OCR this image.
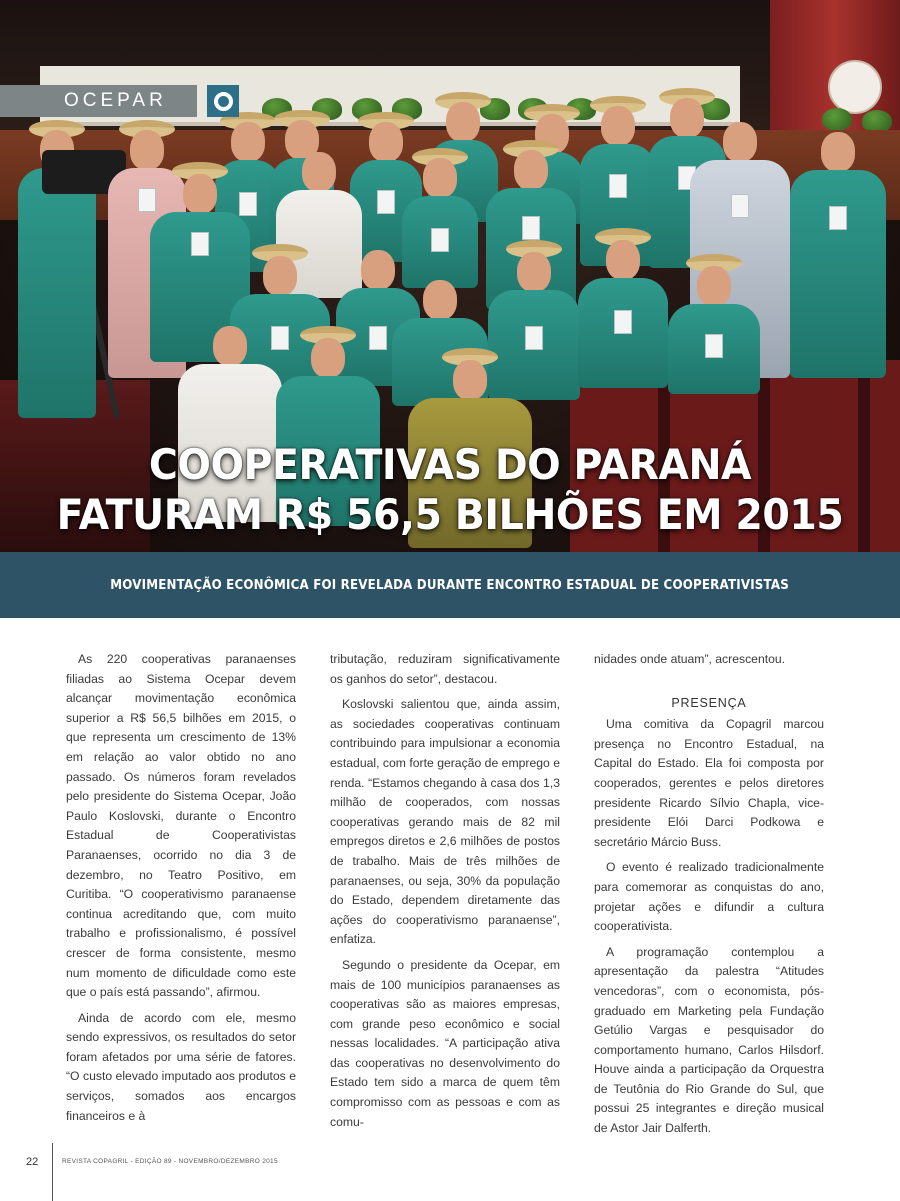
OCEPAR
COOPERATIVAS DO PARANÁ
FATURAM R$ 56,5 BILHÕES EM 2015
MOVIMENTAÇÃO ECONÔMICA FOI REVELADA DURANTE ENCONTRO ESTADUAL DE COOPERATIVISTAS

As 220 cooperativas paranaenses filiadas ao Sistema Ocepar devem alcançar movimentação econômica superior a R$ 56,5 bilhões em 2015, o que representa um crescimento de 13% em relação ao valor obtido no ano passado. Os números foram revelados pelo presidente do Sistema Ocepar, João Paulo Koslovski, durante o Encontro Estadual de Cooperativistas Paranaenses, ocorrido no dia 3 de dezembro, no Teatro Positivo, em Curitiba. “O cooperativismo paranaense continua acreditando que, com muito trabalho e profissionalismo, é possível crescer de forma consistente, mesmo num momento de dificuldade como este que o país está passando”, afirmou.

Ainda de acordo com ele, mesmo sendo expressivos, os resultados do setor foram afetados por uma série de fatores. “O custo elevado imputado aos produtos e serviços, somados aos encargos financeiros e à

tributação, reduziram significativamente os ganhos do setor”, destacou.

Koslovski salientou que, ainda assim, as sociedades cooperativas continuam contribuindo para impulsionar a economia estadual, com forte geração de emprego e renda. “Estamos chegando à casa dos 1,3 milhão de cooperados, com nossas cooperativas gerando mais de 82 mil empregos diretos e 2,6 milhões de postos de trabalho. Mais de três milhões de paranaenses, ou seja, 30% da população do Estado, dependem diretamente das ações do cooperativismo paranaense”, enfatiza.

Segundo o presidente da Ocepar, em mais de 100 municípios paranaenses as cooperativas são as maiores empresas, com grande peso econômico e social nessas localidades. “A participação ativa das cooperativas no desenvolvimento do Estado tem sido a marca de quem têm compromisso com as pessoas e com as comu-

nidades onde atuam”, acrescentou.

PRESENÇA

Uma comitiva da Copagril marcou presença no Encontro Estadual, na Capital do Estado. Ela foi composta por cooperados, gerentes e pelos diretores presidente Ricardo Sílvio Chapla, vice-presidente Elói Darci Podkowa e secretário Márcio Buss.

O evento é realizado tradicionalmente para comemorar as conquistas do ano, projetar ações e difundir a cultura cooperativista.

A programação contemplou a apresentação da palestra “Atitudes vencedoras”, com o economista, pós-graduado em Marketing pela Fundação Getúlio Vargas e pesquisador do comportamento humano, Carlos Hilsdorf. Houve ainda a participação da Orquestra de Teutônia do Rio Grande do Sul, que possui 25 integrantes e direção musical de Astor Jair Dalferth.

22	REVISTA COPAGRIL - EDIÇÃO 89 - NOVEMBRO/DEZEMBRO 2015
